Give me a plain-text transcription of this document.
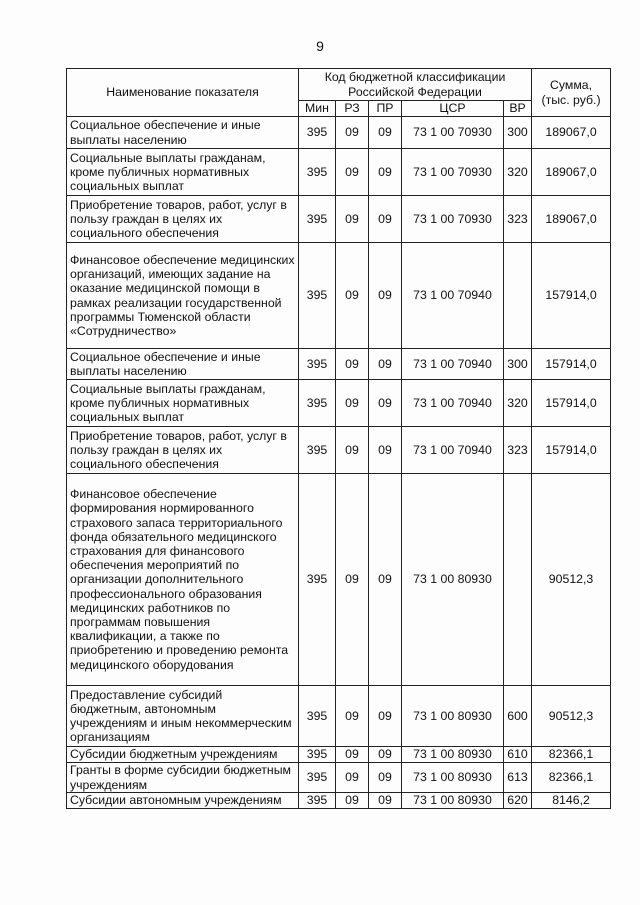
9
Наименование показателя	Код бюджетной классификации Российской Федерации					Сумма, (тыс. руб.)
	Мин	РЗ	ПР	ЦСР	ВР	
Социальное обеспечение и иные выплаты населению	395	09	09	73 1 00 70930	300	189067,0
Социальные выплаты гражданам, кроме публичных нормативных социальных выплат	395	09	09	73 1 00 70930	320	189067,0
Приобретение товаров, работ, услуг в пользу граждан в целях их социального обеспечения	395	09	09	73 1 00 70930	323	189067,0
Финансовое обеспечение медицинских организаций, имеющих задание на оказание медицинской помощи в рамках реализации государственной программы Тюменской области «Сотрудничество»	395	09	09	73 1 00 70940		157914,0
Социальное обеспечение и иные выплаты населению	395	09	09	73 1 00 70940	300	157914,0
Социальные выплаты гражданам, кроме публичных нормативных социальных выплат	395	09	09	73 1 00 70940	320	157914,0
Приобретение товаров, работ, услуг в пользу граждан в целях их социального обеспечения	395	09	09	73 1 00 70940	323	157914,0
Финансовое обеспечение формирования нормированного страхового запаса территориального фонда обязательного медицинского страхования для финансового обеспечения мероприятий по организации дополнительного профессионального образования медицинских работников по программам повышения квалификации, а также по приобретению и проведению ремонта медицинского оборудования	395	09	09	73 1 00 80930		90512,3
Предоставление субсидий бюджетным, автономным учреждениям и иным некоммерческим организациям	395	09	09	73 1 00 80930	600	90512,3
Субсидии бюджетным учреждениям	395	09	09	73 1 00 80930	610	82366,1
Гранты в форме субсидии бюджетным учреждениям	395	09	09	73 1 00 80930	613	82366,1
Субсидии автономным учреждениям	395	09	09	73 1 00 80930	620	8146,2
